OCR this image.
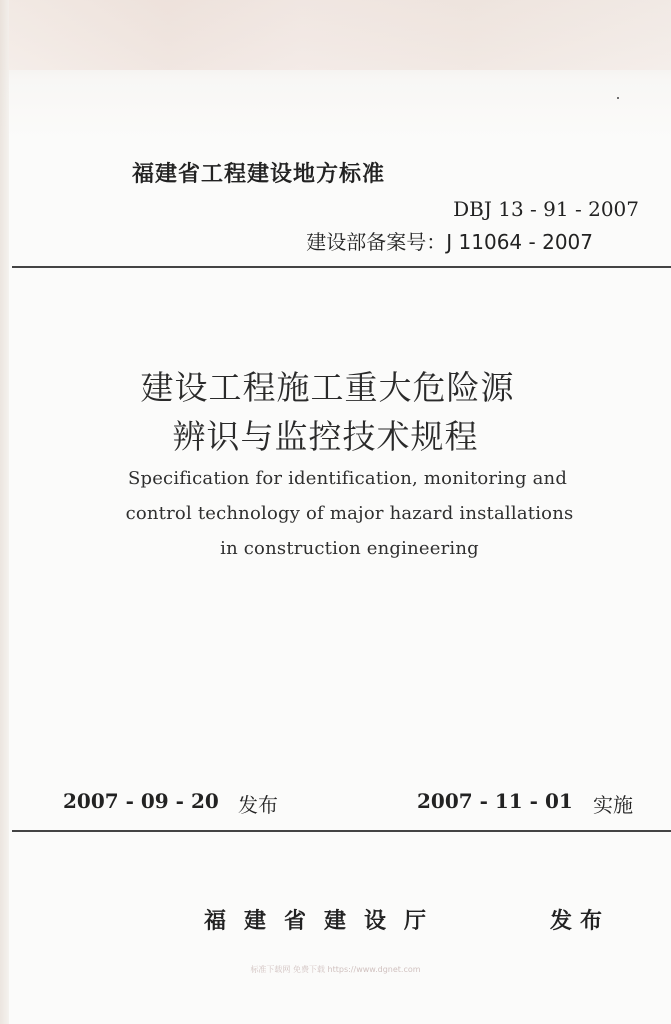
福建省工程建设地方标准
DBJ 13 - 91 - 2007
建设部备案号：J 11064 - 2007
建设工程施工重大危险源
辨识与监控技术规程
Specification for identification, monitoring and
control technology of major hazard installations
in construction engineering
2007 - 09 - 20 发布	2007 - 11 - 01 实施
福建省建设厅	发布
标准下载网 免费下载 https://www.dgnet.com
